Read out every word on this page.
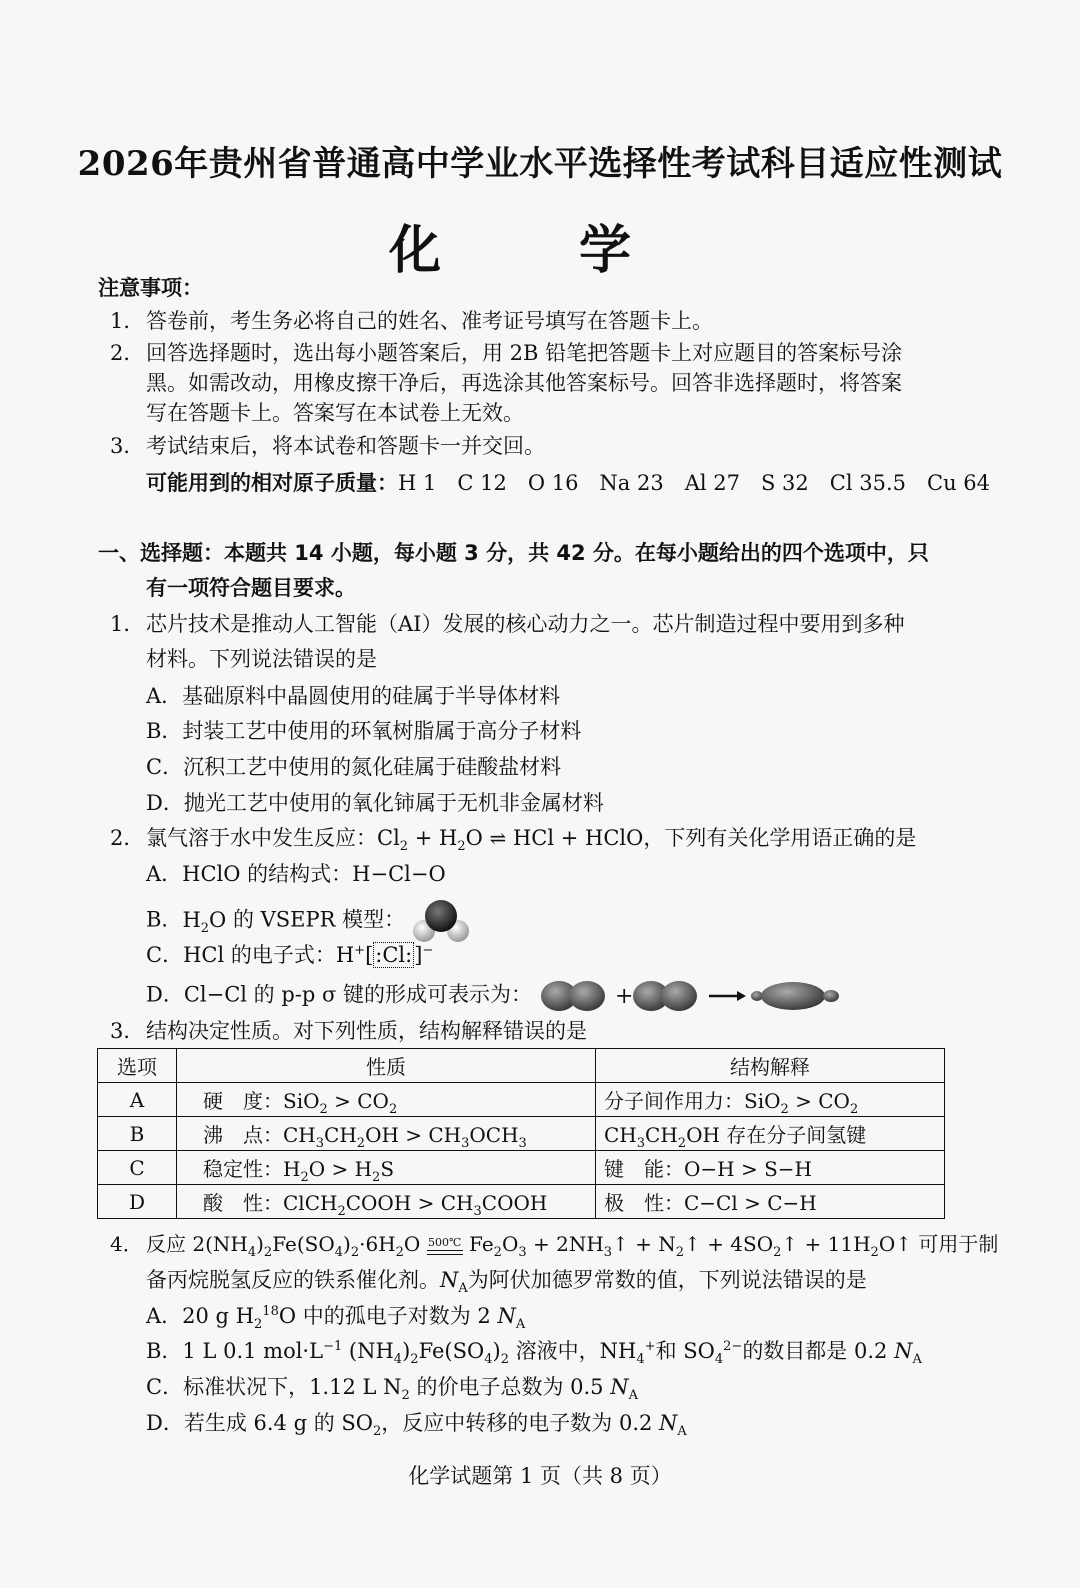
2026年贵州省普通高中学业水平选择性考试科目适应性测试
化 学
注意事项：
1．答卷前，考生务必将自己的姓名、准考证号填写在答题卡上。
2．回答选择题时，选出每小题答案后，用 2B 铅笔把答题卡上对应题目的答案标号涂
黑。如需改动，用橡皮擦干净后，再选涂其他答案标号。回答非选择题时，将答案
写在答题卡上。答案写在本试卷上无效。
3．考试结束后，将本试卷和答题卡一并交回。
可能用到的相对原子质量：H 1　C 12　O 16　Na 23　Al 27　S 32　Cl 35.5　Cu 64
一、选择题：本题共 14 小题，每小题 3 分，共 42 分。在每小题给出的四个选项中，只
有一项符合题目要求。
1．芯片技术是推动人工智能（AI）发展的核心动力之一。芯片制造过程中要用到多种
材料。下列说法错误的是
A．基础原料中晶圆使用的硅属于半导体材料
B．封装工艺中使用的环氧树脂属于高分子材料
C．沉积工艺中使用的氮化硅属于硅酸盐材料
D．抛光工艺中使用的氧化铈属于无机非金属材料
2．氯气溶于水中发生反应：$Cl_2 + H_2O$ ⇌ HCl + HClO，下列有关化学用语正确的是
A．HClO 的结构式：H−Cl−O
B．$H_2O$ 的 VSEPR 模型：
C．HCl 的电子式：H+[:Cl:]−
D．Cl−Cl 的 p-p σ 键的形成可表示为：	+
3．结构决定性质。对下列性质，结构解释错误的是
选项	性质	结构解释
A	硬　度：$SiO_2 > CO_2$	分子间作用力：$SiO_2 > CO_2$
B	沸　点：$CH_3CH_2OH > CH_3OCH_3$	$CH_3CH_2OH$ 存在分子间氢键
C	稳定性：$H_2O > H_2S$	键　能：O−H > S−H
D	酸　性：ClCH$_2$COOH > $CH_3COOH$	极　性：C−Cl > C−H
4． 反应 $2(NH_4)_2Fe(SO_4)_2\cdot 6H_2O$ 500℃ $Fe_2O_3$ + $2NH_3↑$ + $N_2↑$ + $4SO_2↑$ + $11H_2O↑$ 可用于制
备丙烷脱氢反应的铁系催化剂。$N_A$为阿伏加德罗常数的值，下列说法错误的是
A．20 g $H_2^{18}O$ 中的孤电子对数为 2 $N_A$
B．1 L 0.1 $mol\cdot L^{-1}$ $(NH_4)_2Fe(SO_4)_2$ 溶液中，$NH_4^+$和 $SO_4^{2-}$的数目都是 0.2 $N_A$
C．标准状况下，1.12 L $N_2$ 的价电子总数为 0.5 $N_A$
D．若生成 6.4 g 的 $SO_2$，反应中转移的电子数为 0.2 $N_A$
化学试题第 1 页（共 8 页）
